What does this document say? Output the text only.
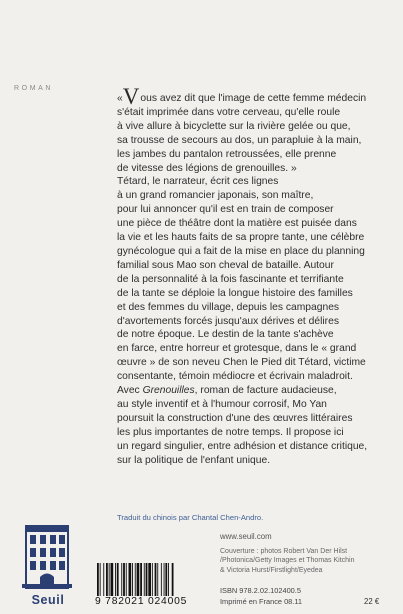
ROMAN

«Vous avez dit que l'image de cette femme médecin
s'était imprimée dans votre cerveau, qu'elle roule
à vive allure à bicyclette sur la rivière gelée ou que,
sa trousse de secours au dos, un parapluie à la main,
les jambes du pantalon retroussées, elle prenne
de vitesse des légions de grenouilles. »

Tétard, le narrateur, écrit ces lignes
à un grand romancier japonais, son maître,
pour lui annoncer qu'il est en train de composer
une pièce de théâtre dont la matière est puisée dans
la vie et les hauts faits de sa propre tante, une célèbre
gynécologue qui a fait de la mise en place du planning
familial sous Mao son cheval de bataille. Autour
de la personnalité à la fois fascinante et terrifiante
de la tante se déploie la longue histoire des familles
et des femmes du village, depuis les campagnes
d'avortements forcés jusqu'aux dérives et délires
de notre époque. Le destin de la tante s'achève
en farce, entre horreur et grotesque, dans le « grand
œuvre » de son neveu Chen le Pied dit Tétard, victime
consentante, témoin médiocre et écrivain maladroit.
Avec Grenouilles, roman de facture audacieuse,
au style inventif et à l'humour corrosif, Mo Yan
poursuit la construction d'une des œuvres littéraires
les plus importantes de notre temps. Il propose ici
un regard singulier, entre adhésion et distance critique,
sur la politique de l'enfant unique.

Traduit du chinois par Chantal Chen-Andro.
Seuil	9 782021 024005
www.seuil.com
Couverture : photos Robert Van Der Hilst
/Photonica/Getty Images et Thomas Kitchin
& Victoria Hurst/Firstlight/Eyedea
ISBN 978.2.02.102400.5
Imprimé en France 08.11	22 €
